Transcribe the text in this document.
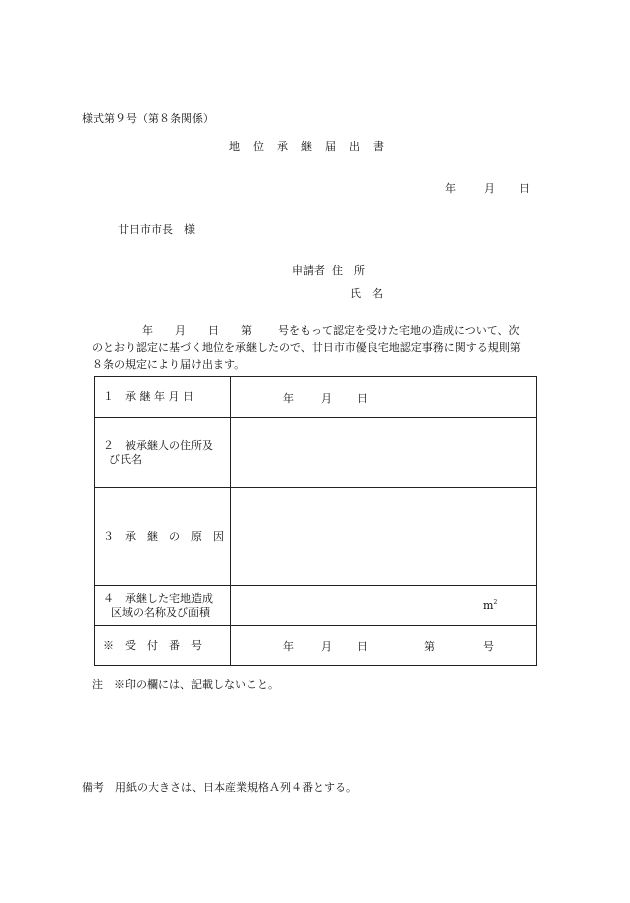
様式第９号（第８条関係）
地 位 承 継 届 出 書
年	月 日
廿日市市長　様
申請者 住　所
氏　名

年 月 日 第 号をもって認定を受けた宅地の造成について、次

のとおり認定に基づく地位を承継したので、廿日市市優良宅地認定事務に関する規則第

８条の規定により届け出ます。

１　承 継 年 月 日	年 月 日

２　被承継人の住所及
び氏名	

３　承　継　の　原　因	

４　承継した宅地造成
区域の名称及び面積	$m^2$

※　受　付　番　号	年 月 日 第 号
注　※印の欄には、記載しないこと。
備考　用紙の大きさは、日本産業規格Ａ列４番とする。
